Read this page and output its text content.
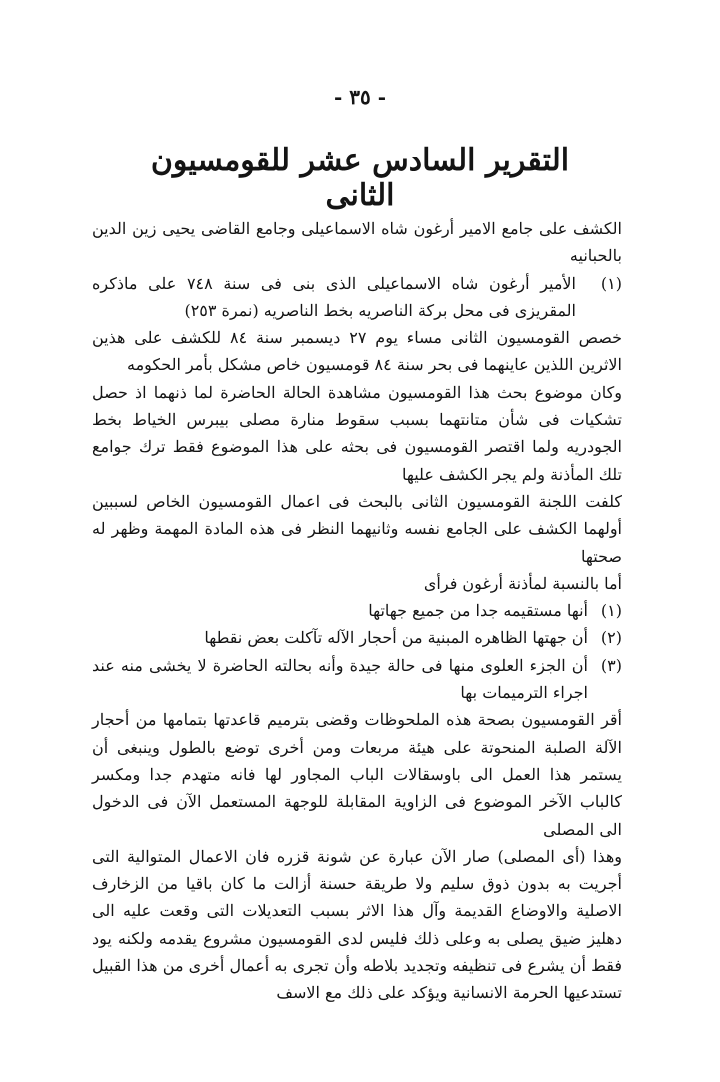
- ٣٥ -
التقرير السادس عشر للقومسيون الثانى

الكشف على جامع الامير أرغون شاه الاسماعيلى وجامع القاضى يحيى زين الدين بالحبانيه

(١)
الأمير أرغون شاه الاسماعيلى الذى بنى فى سنة ٧٤٨ على ماذكره المقريزى فى محل بركة الناصريه بخط الناصريه (نمرة ٢٥٣)

خصص القومسيون الثانى مساء يوم ٢٧ ديسمبر سنة ٨٤ للكشف على هذين الاثرين اللذين عاينهما فى بحر سنة ٨٤ قومسيون خاص مشكل بأمر الحكومه

وكان موضوع بحث هذا القومسيون مشاهدة الحالة الحاضرة لما ذنهما اذ حصل تشكيات فى شأن متانتهما بسبب سقوط منارة مصلى بيبرس الخياط بخط الجودريه ولما اقتصر القومسيون فى بحثه على هذا الموضوع فقط ترك جوامع تلك المأذنة ولم يجر الكشف عليها

كلفت اللجنة القومسيون الثانى بالبحث فى اعمال القومسيون الخاص لسببين أولهما الكشف على الجامع نفسه وثانيهما النظر فى هذه المادة المهمة وظهر له صحتها

أما بالنسبة لمأذنة أرغون فرأى

(١)
أنها مستقيمه جدا من جميع جهاتها

(٢)
أن جهتها الظاهره المبنية من أحجار الآله تآكلت بعض نقطها

(٣)
أن الجزء العلوى منها فى حالة جيدة وأنه بحالته الحاضرة لا يخشى منه عند اجراء الترميمات بها

أقر القومسيون بصحة هذه الملحوظات وقضى بترميم قاعدتها بتمامها من أحجار الآلة الصلبة المنحوتة على هيئة مربعات ومن أخرى توضع بالطول وينبغى أن يستمر هذا العمل الى باوسقالات الباب المجاور لها فانه متهدم جدا ومكسر كالباب الآخر الموضوع فى الزاوية المقابلة للوجهة المستعمل الآن فى الدخول الى المصلى

وهذا (أى المصلى) صار الآن عبارة عن شونة قزره فان الاعمال المتوالية التى أجريت به بدون ذوق سليم ولا طريقة حسنة أزالت ما كان باقيا من الزخارف الاصلية والاوضاع القديمة وآل هذا الاثر بسبب التعديلات التى وقعت عليه الى دهليز ضيق يصلى به وعلى ذلك فليس لدى القومسيون مشروع يقدمه ولكنه يود فقط أن يشرع فى تنظيفه وتجديد بلاطه وأن تجرى به أعمال أخرى من هذا القبيل تستدعيها الحرمة الانسانية ويؤكد على ذلك مع الاسف
